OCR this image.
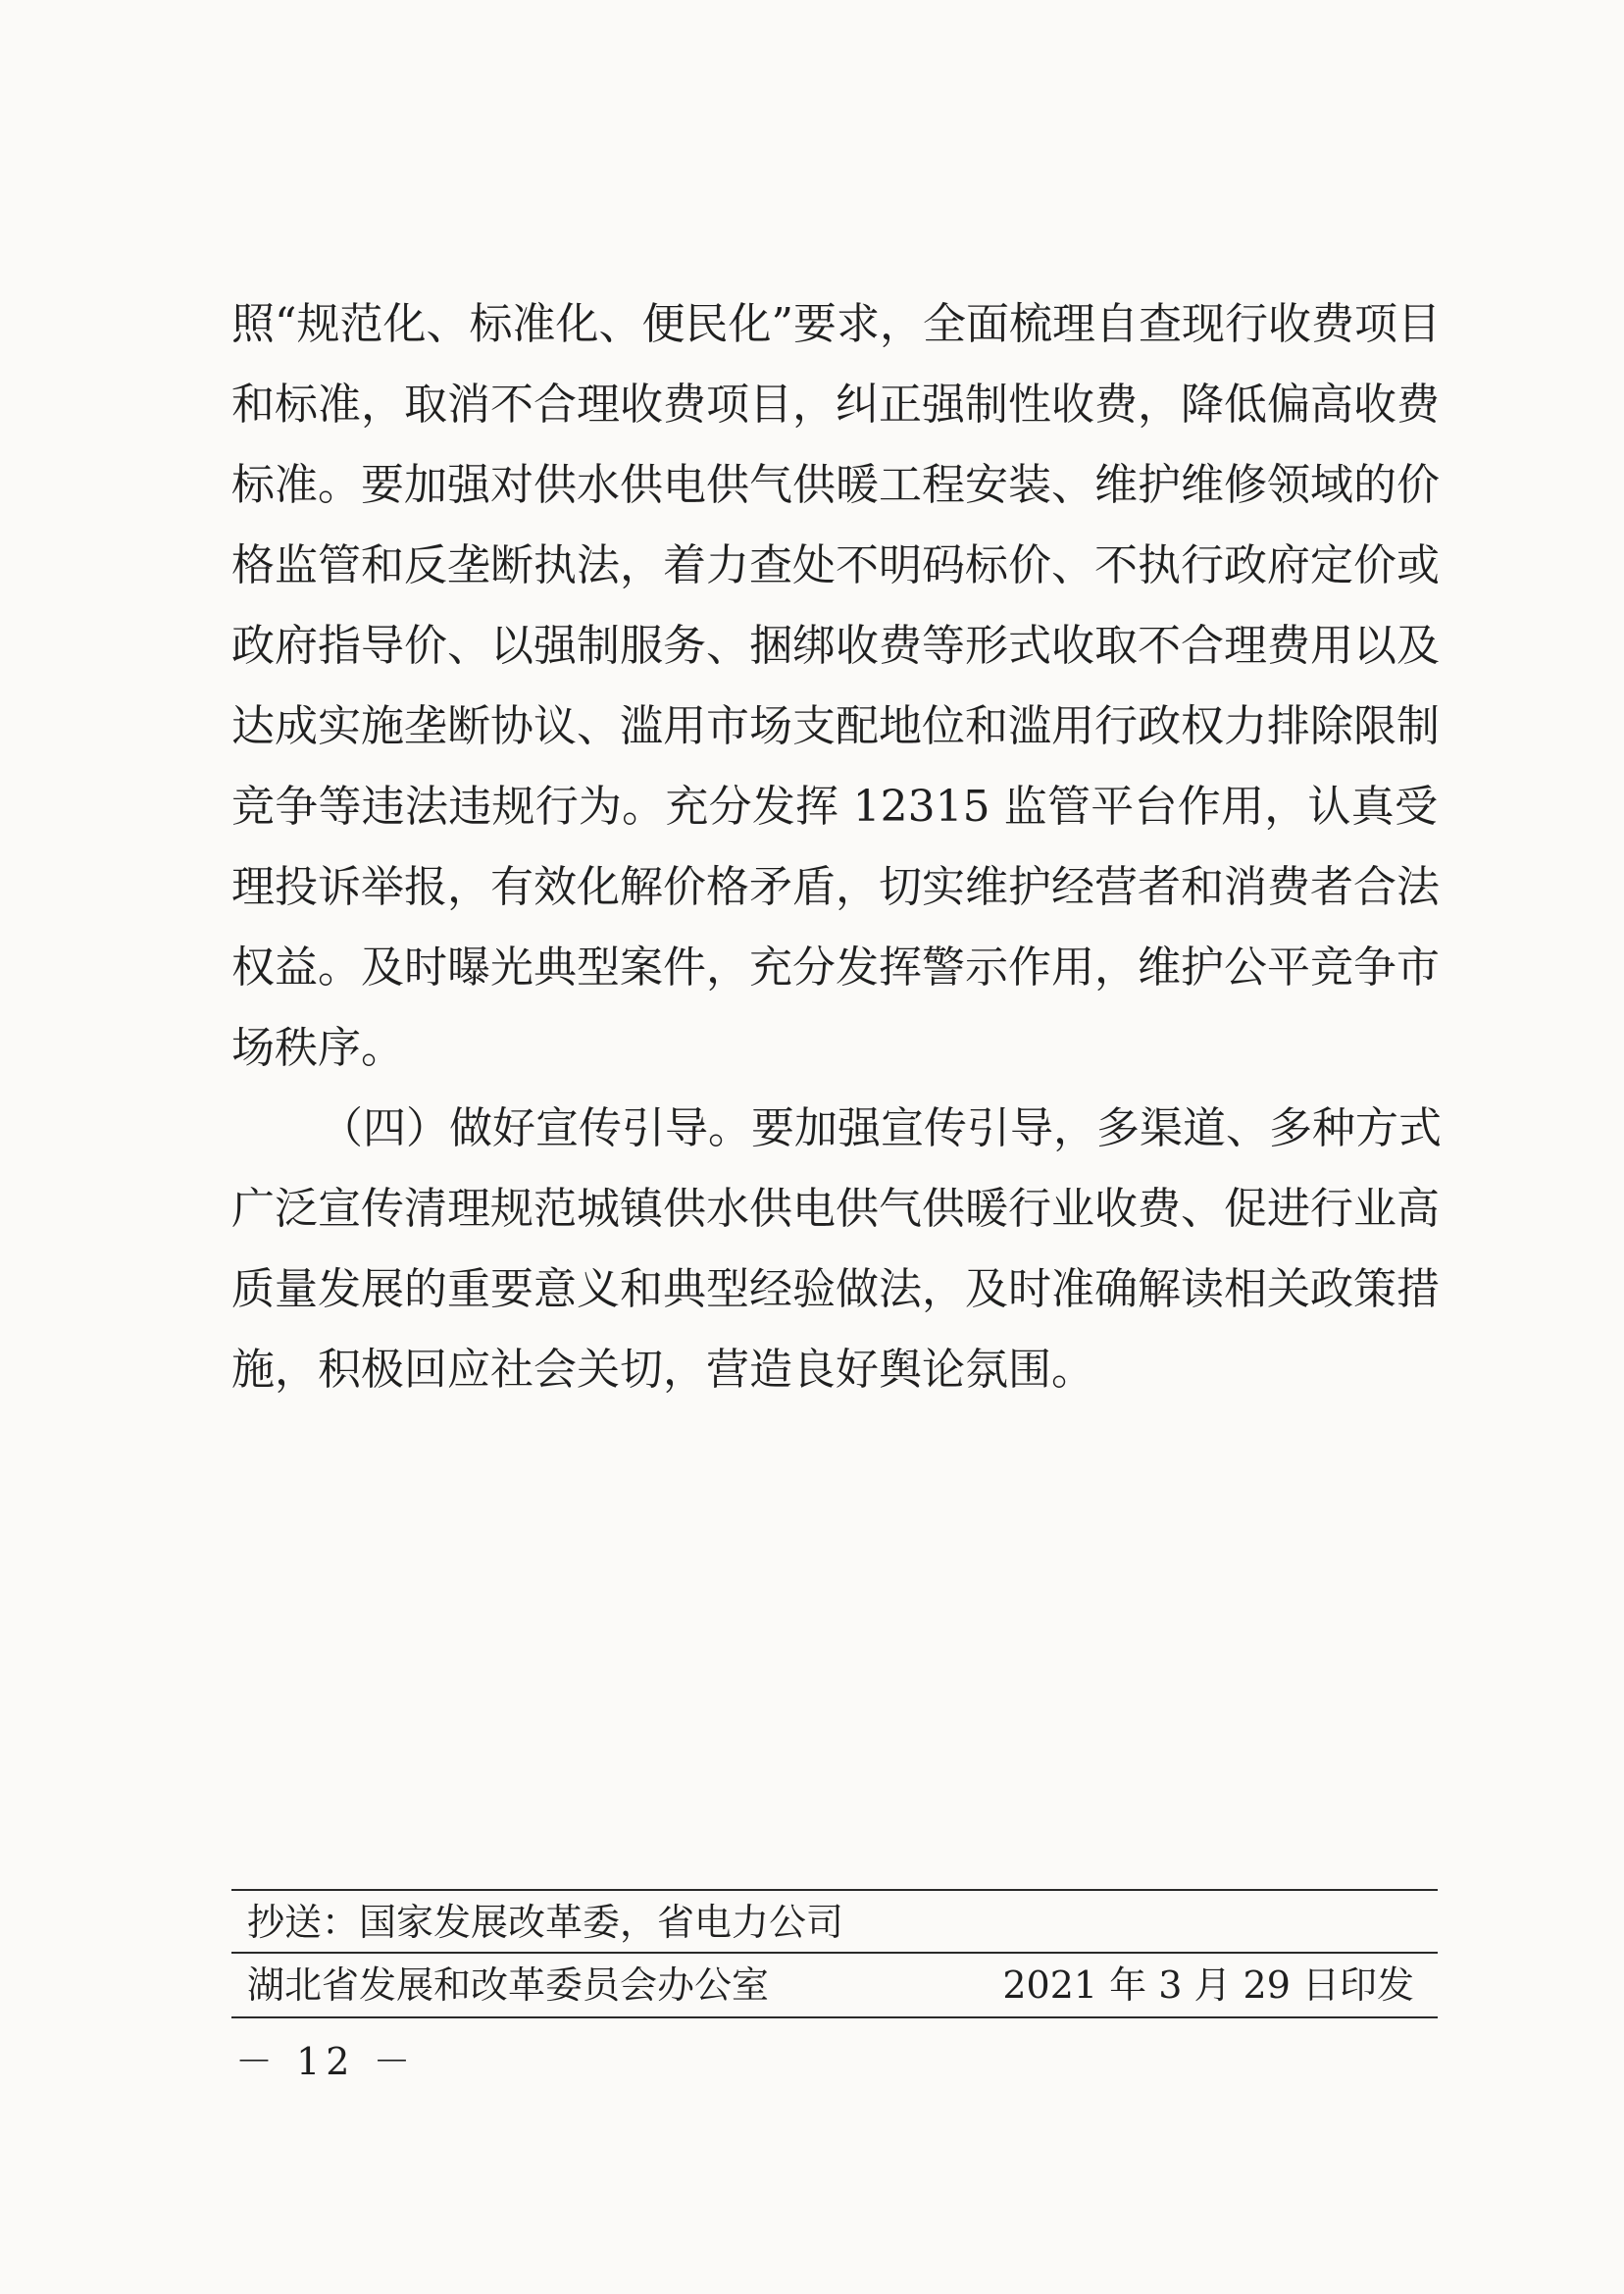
照“规范化、标准化、便民化”要求，全面梳理自查现行收费项目
和标准，取消不合理收费项目，纠正强制性收费，降低偏高收费
标准。要加强对供水供电供气供暖工程安装、维护维修领域的价
格监管和反垄断执法，着力查处不明码标价、不执行政府定价或
政府指导价、以强制服务、捆绑收费等形式收取不合理费用以及
达成实施垄断协议、滥用市场支配地位和滥用行政权力排除限制
竞争等违法违规行为。充分发挥 12315 监管平台作用，认真受
理投诉举报，有效化解价格矛盾，切实维护经营者和消费者合法
权益。及时曝光典型案件，充分发挥警示作用，维护公平竞争市
场秩序。
（四）做好宣传引导。要加强宣传引导，多渠道、多种方式
广泛宣传清理规范城镇供水供电供气供暖行业收费、促进行业高
质量发展的重要意义和典型经验做法，及时准确解读相关政策措
施，积极回应社会关切，营造良好舆论氛围。
抄送：国家发展改革委，省电力公司
湖北省发展和改革委员会办公室	2021 年 3 月 29 日印发
－ 12 －
